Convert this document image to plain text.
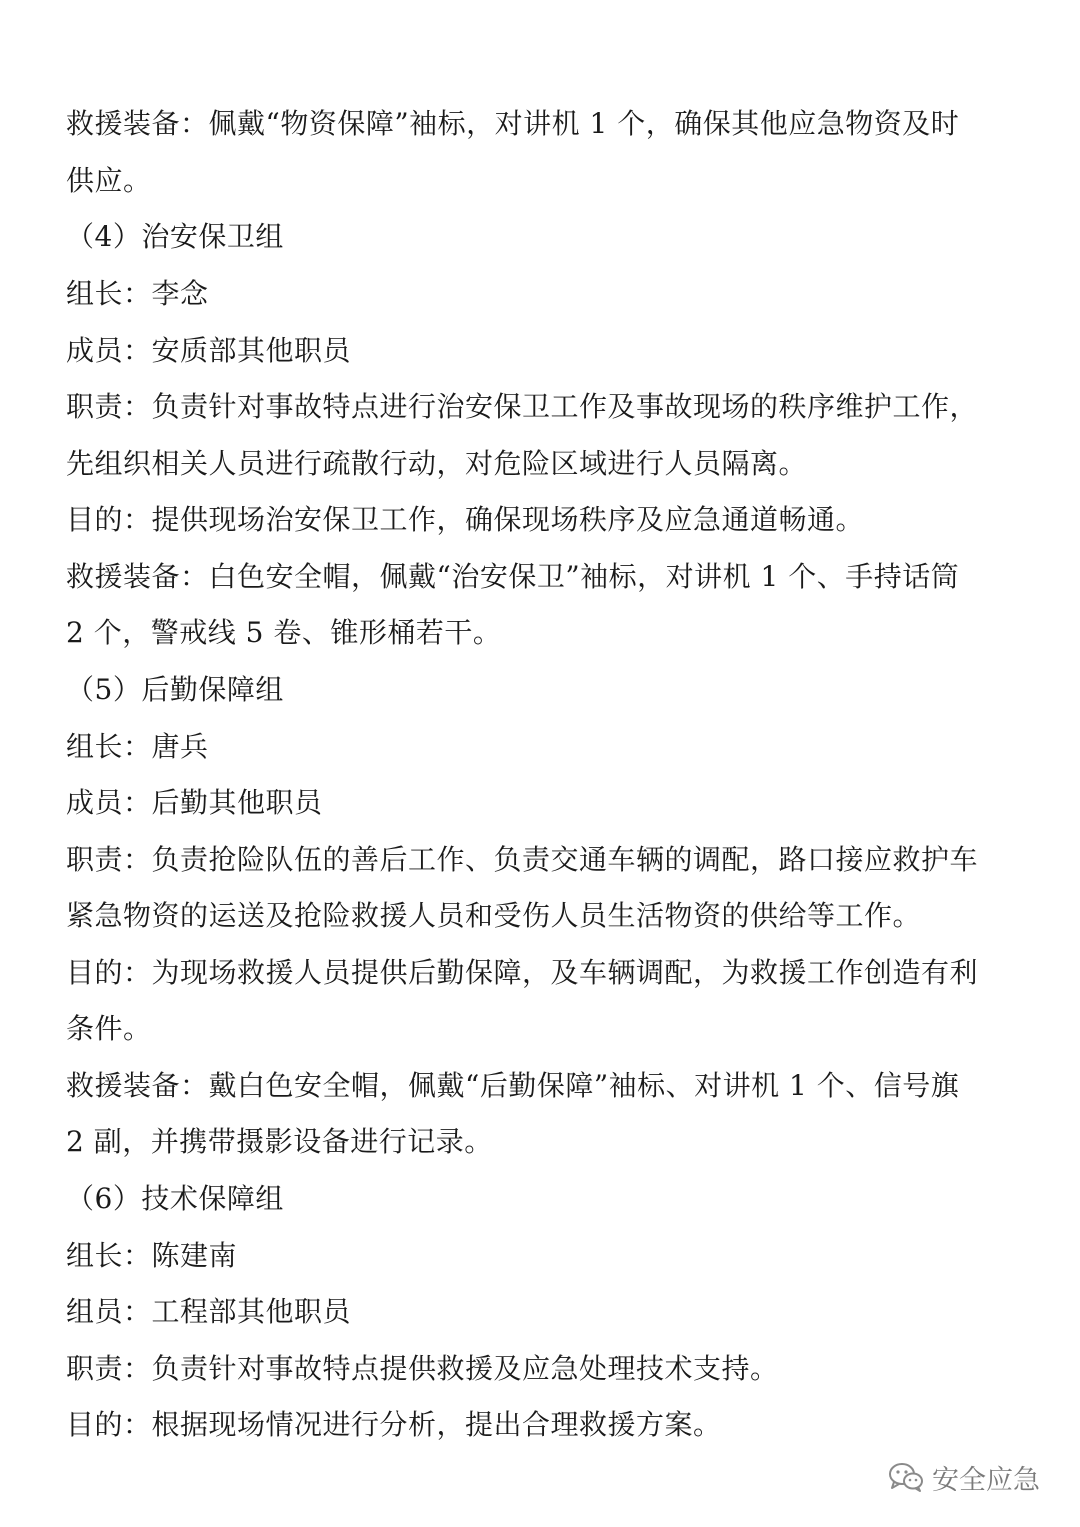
救援装备：佩戴“物资保障”袖标，对讲机 1 个，确保其他应急物资及时
供应。
（4）治安保卫组
组长：李念
成员：安质部其他职员
职责：负责针对事故特点进行治安保卫工作及事故现场的秩序维护工作，
先组织相关人员进行疏散行动，对危险区域进行人员隔离。
目的：提供现场治安保卫工作，确保现场秩序及应急通道畅通。
救援装备：白色安全帽，佩戴“治安保卫”袖标，对讲机 1 个、手持话筒
2 个，警戒线 5 卷、锥形桶若干。
（5）后勤保障组
组长：唐兵
成员：后勤其他职员
职责：负责抢险队伍的善后工作、负责交通车辆的调配，路口接应救护车
紧急物资的运送及抢险救援人员和受伤人员生活物资的供给等工作。
目的：为现场救援人员提供后勤保障，及车辆调配，为救援工作创造有利
条件。
救援装备：戴白色安全帽，佩戴“后勤保障”袖标、对讲机 1 个、信号旗
2 副，并携带摄影设备进行记录。
（6）技术保障组
组长：陈建南
组员：工程部其他职员
职责：负责针对事故特点提供救援及应急处理技术支持。
目的：根据现场情况进行分析，提出合理救援方案。
安全应急
